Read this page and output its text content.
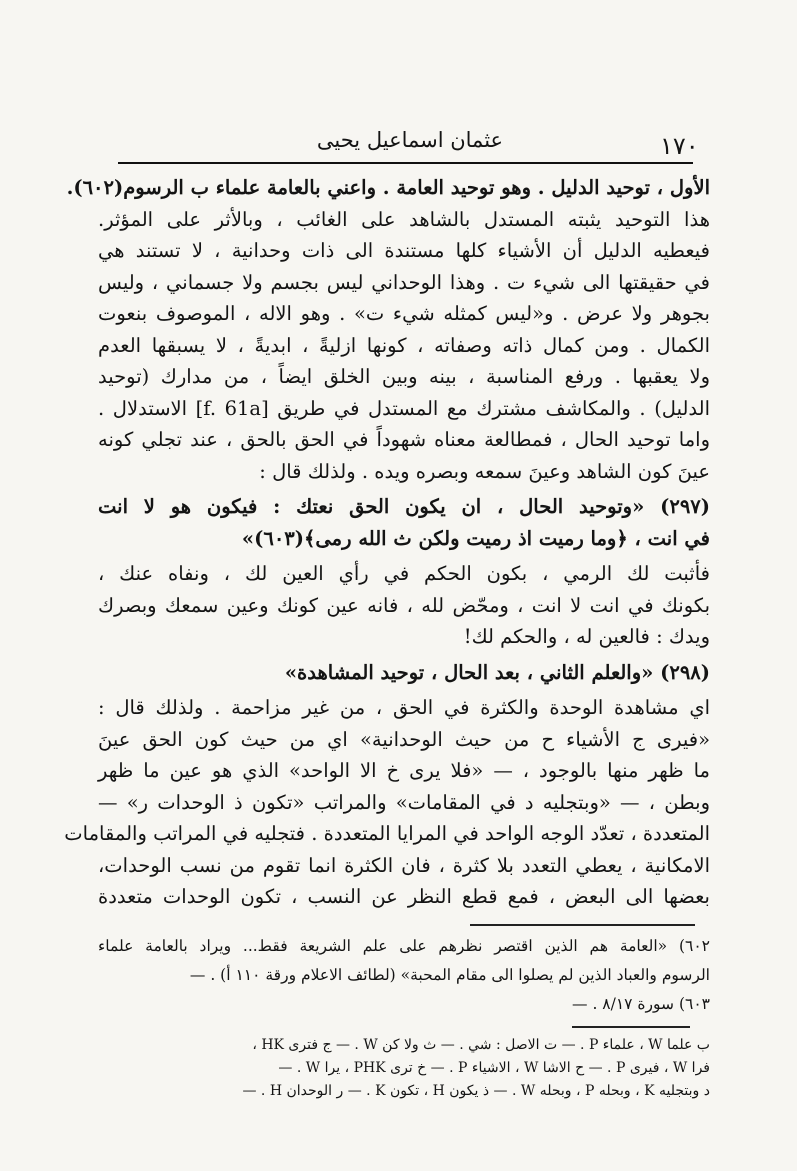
١٧٠
عثمان اسماعيل يحيى
الأول ، توحيد الدليل . وهو توحيد العامة . واعني بالعامة علماء ب الرسوم(٦٠٢).
هذا التوحيد يثبته المستدل بالشاهد على الغائب ، وبالأثر على المؤثر.
فيعطيه الدليل أن الأشياء كلها مستندة الى ذات وحدانية ، لا تستند هي
في حقيقتها الى شيء ت . وهذا الوحداني ليس بجسم ولا جسماني ، وليس
بجوهر ولا عرض . و«ليس كمثله شيء ت» . وهو الاله ، الموصوف بنعوت
الكمال . ومن كمال ذاته وصفاته ، كونها ازليةً ، ابديةً ، لا يسبقها العدم
ولا يعقبها . ورفع المناسبة ، بينه وبين الخلق ايضاً ، من مدارك (توحيد
الدليل) . والمكاشف مشترك مع المستدل في طريق [f. 61a] الاستدلال .
واما توحيد الحال ، فمطالعة معناه شهوداً في الحق بالحق ، عند تجلي كونه
عينَ كون الشاهد وعينَ سمعه وبصره ويده . ولذلك قال :
(٢٩٧) «وتوحيد الحال ، ان يكون الحق نعتك : فيكون هو لا انت
في انت ، ﴿وما رميت اذ رميت ولكن ث الله رمى﴾(٦٠٣)»
فأثبت لك الرمي ، بكون الحكم في رأي العين لك ، ونفاه عنك ،
بكونك في انت لا انت ، ومحّض لله ، فانه عين كونك وعين سمعك وبصرك
ويدك : فالعين له ، والحكم لك!
(٢٩٨) «والعلم الثاني ، بعد الحال ، توحيد المشاهدة»
اي مشاهدة الوحدة والكثرة في الحق ، من غير مزاحمة . ولذلك قال :
«فيرى ج الأشياء ح من حيث الوحدانية» اي من حيث كون الحق عينَ
ما ظهر منها بالوجود ، — «فلا يرى خ الا الواحد» الذي هو عين ما ظهر
وبطن ، — «وبتجليه د في المقامات» والمراتب «تكون ذ الوحدات ر» —
المتعددة ، تعدّد الوجه الواحد في المرايا المتعددة . فتجليه في المراتب والمقامات
الامكانية ، يعطي التعدد بلا كثرة ، فان الكثرة انما تقوم من نسب الوحدات،
بعضها الى البعض ، فمع قطع النظر عن النسب ، تكون الوحدات متعددة
٦٠٢) «العامة هم الذين اقتصر نظرهم على علم الشريعة فقط... ويراد بالعامة علماء
الرسوم والعباد الذين لم يصلوا الى مقام المحبة» (لطائف الاعلام ورقة ١١٠ أ) . —
٦٠٣) سورة ٨/١٧ . —
ب علما W ، علماء P . — ت الاصل : شي . — ث ولا كن W . — ج فترى HK ،
فرا W ، فيرى P . — ح الاشا W ، الاشياء P . — خ ترى PHK ، يرا W . —
د وبتجليه K ، وبحله P ، وبحله W . — ذ يكون H ، تكون K . — ر الوحدان H . —
